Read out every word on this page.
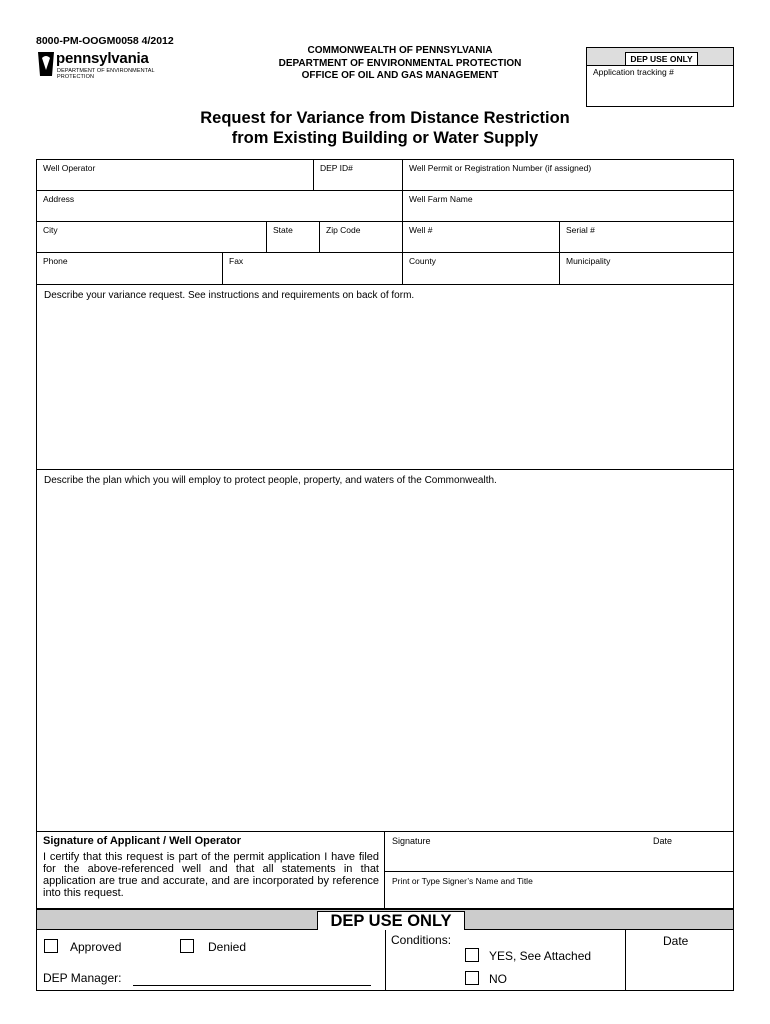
8000-PM-OOGM0058 4/2012
pennsylvania
DEPARTMENT OF ENVIRONMENTAL PROTECTION
COMMONWEALTH OF PENNSYLVANIA
DEPARTMENT OF ENVIRONMENTAL PROTECTION
OFFICE OF OIL AND GAS MANAGEMENT
DEP USE ONLY
Application tracking #
Request for Variance from Distance Restriction
from Existing Building or Water Supply
Well Operator	DEP ID#	Well Permit or Registration Number (if assigned)
Address	Well Farm Name
City	State	Zip Code	Well #	Serial #
Phone	Fax	County	Municipality
Describe your variance request. See instructions and requirements on back of form.
Describe the plan which you will employ to protect people, property, and waters of the Commonwealth.
Signature of Applicant / Well Operator
I certify that this request is part of the permit application I have filed for the above-referenced well and that all statements in that application are true and accurate, and are incorporated by reference into this request.
Signature	Date
Print or Type Signer’s Name and Title
DEP USE ONLY
Approved	Denied
DEP Manager:
Conditions:
YES, See Attached
NO
Date
